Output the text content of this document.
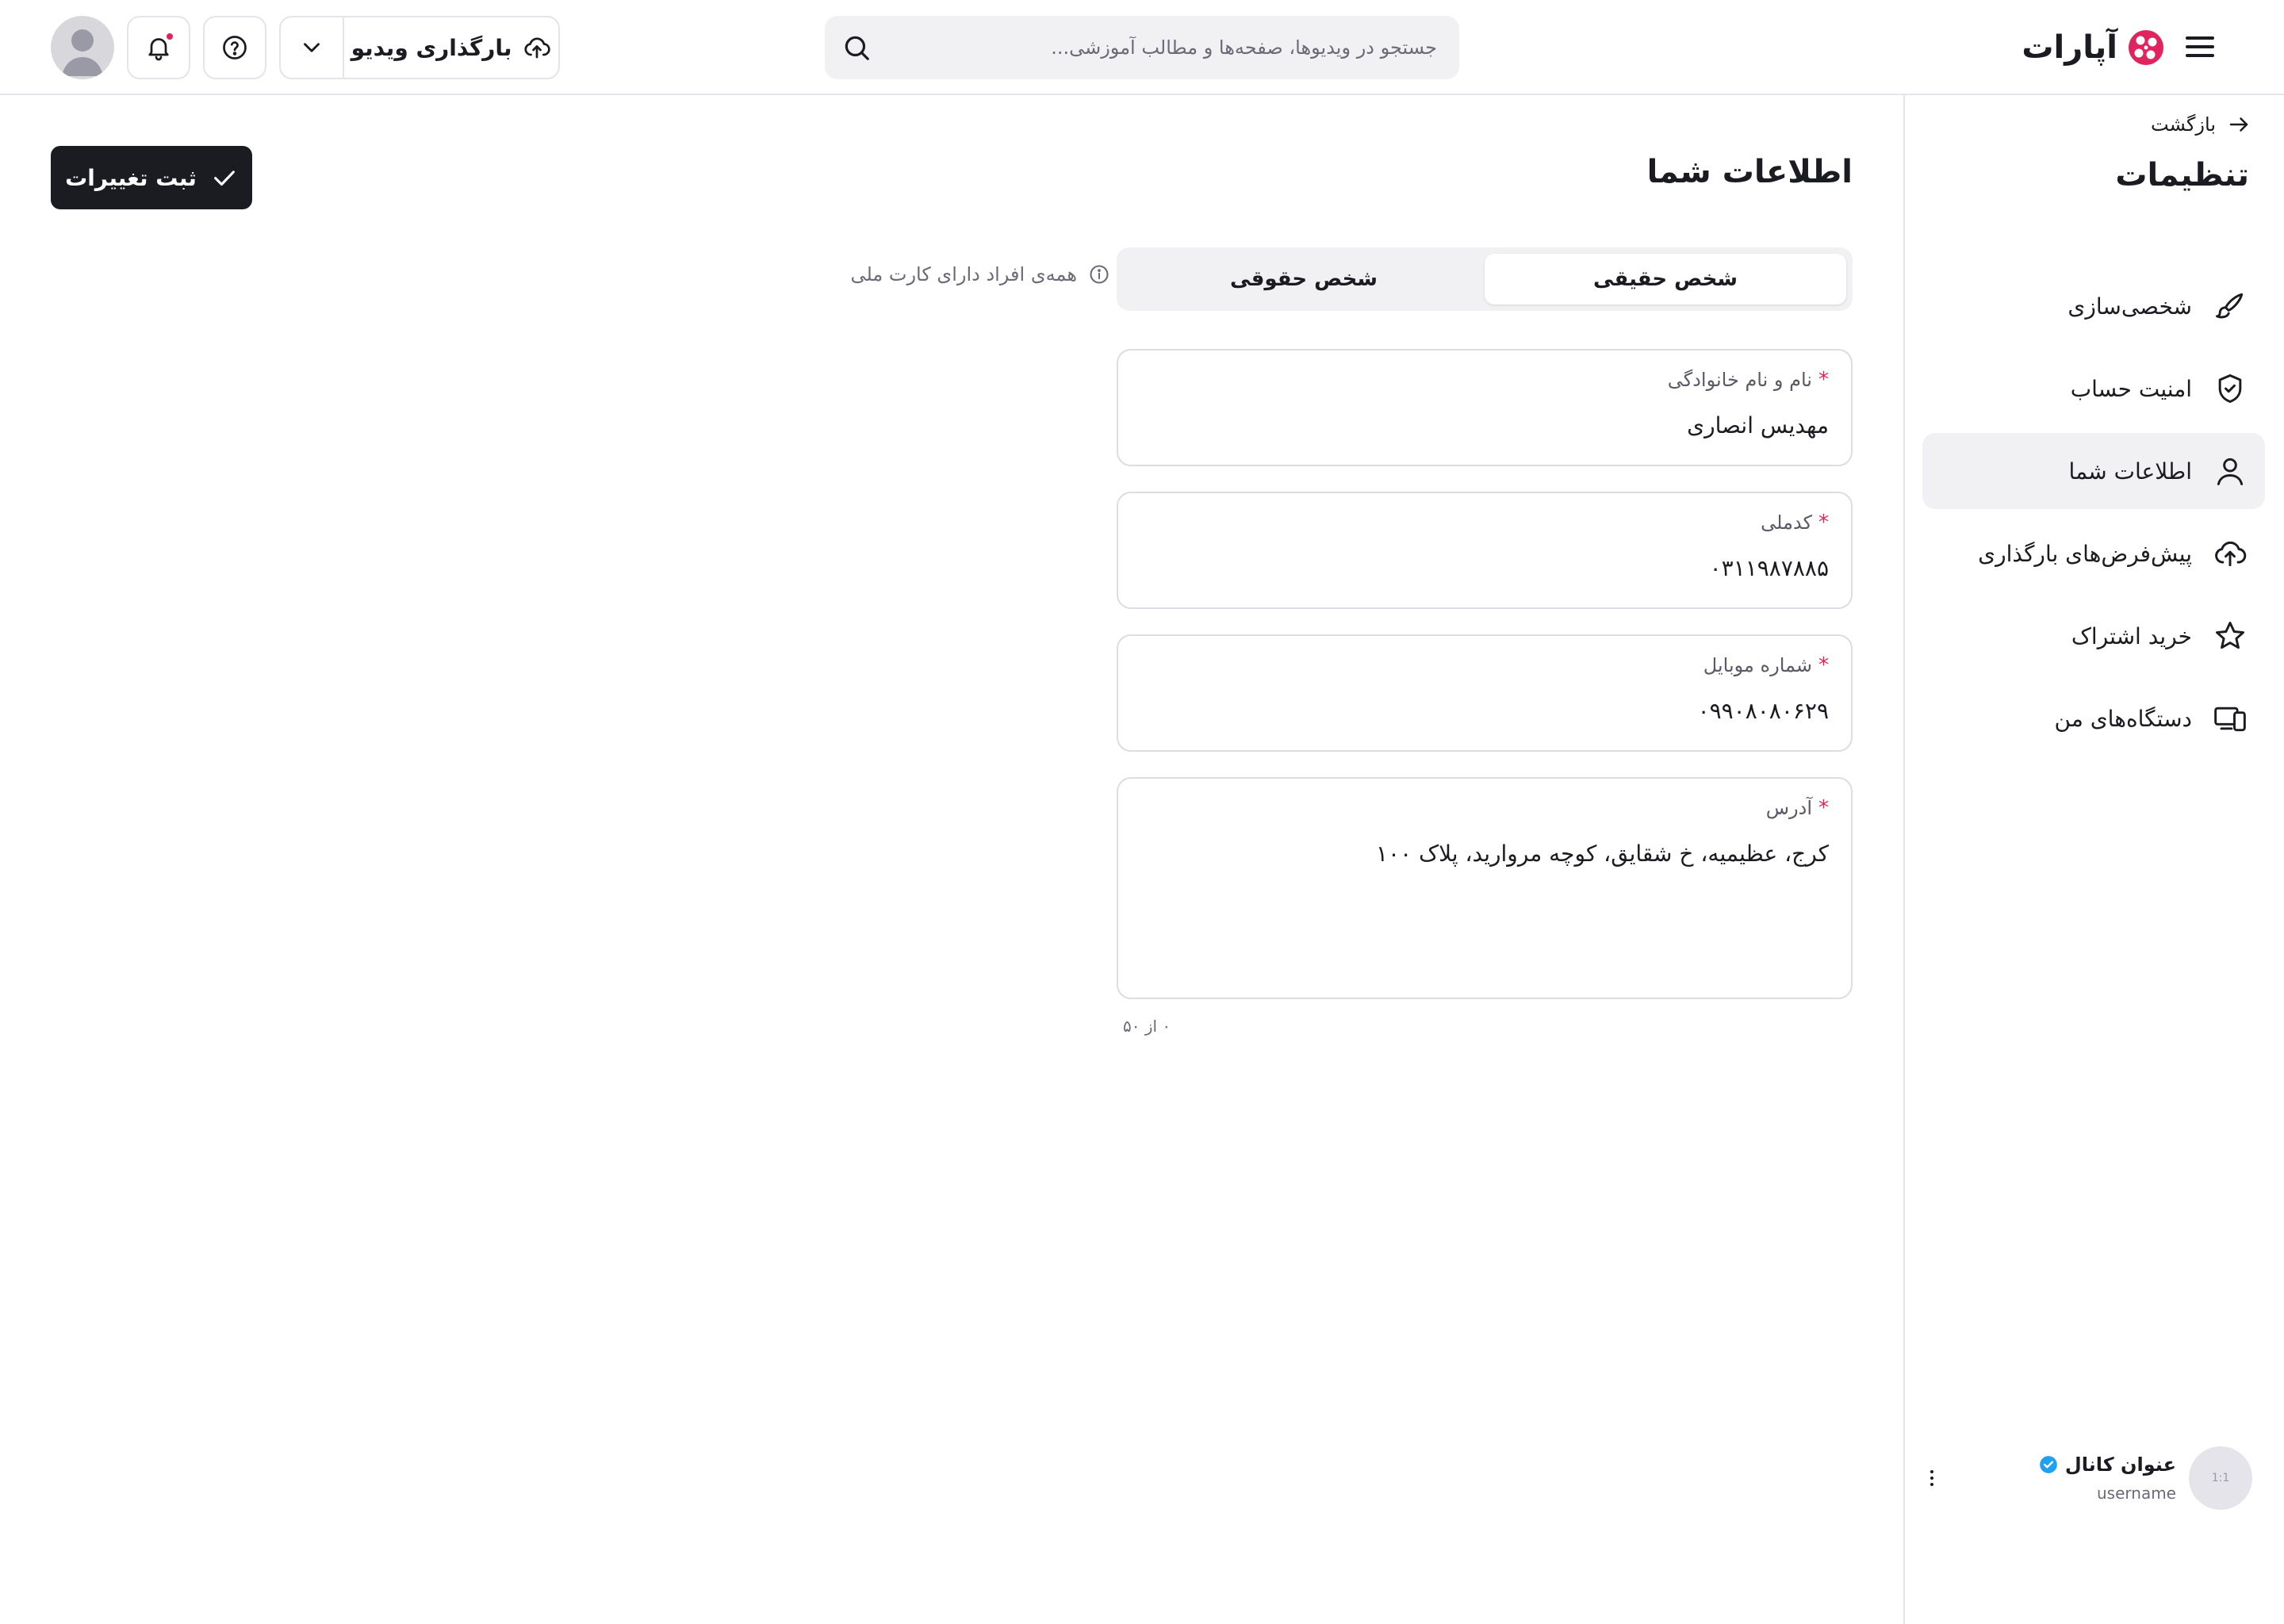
آپارات
جستجو در ویدیوها، صفحه‌ها و مطالب آموزشی...
بارگذاری ویدیو
بازگشت
تنظیمات
شخصی‌سازی
امنیت حساب
اطلاعات شما
پیش‌فرض‌های بارگذاری
خرید اشتراک
دستگاه‌های من
1:1
عنوان کانال
username
اطلاعات شما
ثبت تغییرات
شخص حقیقی
شخص حقوقی
همه‌ی افراد دارای کارت ملی
*
نام و نام خانوادگی
مهدیس انصاری
*
کدملی
۰۳۱۱۹۸۷۸۸۵
*
شماره موبایل
۰۹۹۰۸۰۸۰۶۲۹
*
آدرس
کرج، عظیمیه، خ شقایق، کوچه مروارید، پلاک ۱۰۰
۰ از ۵۰
